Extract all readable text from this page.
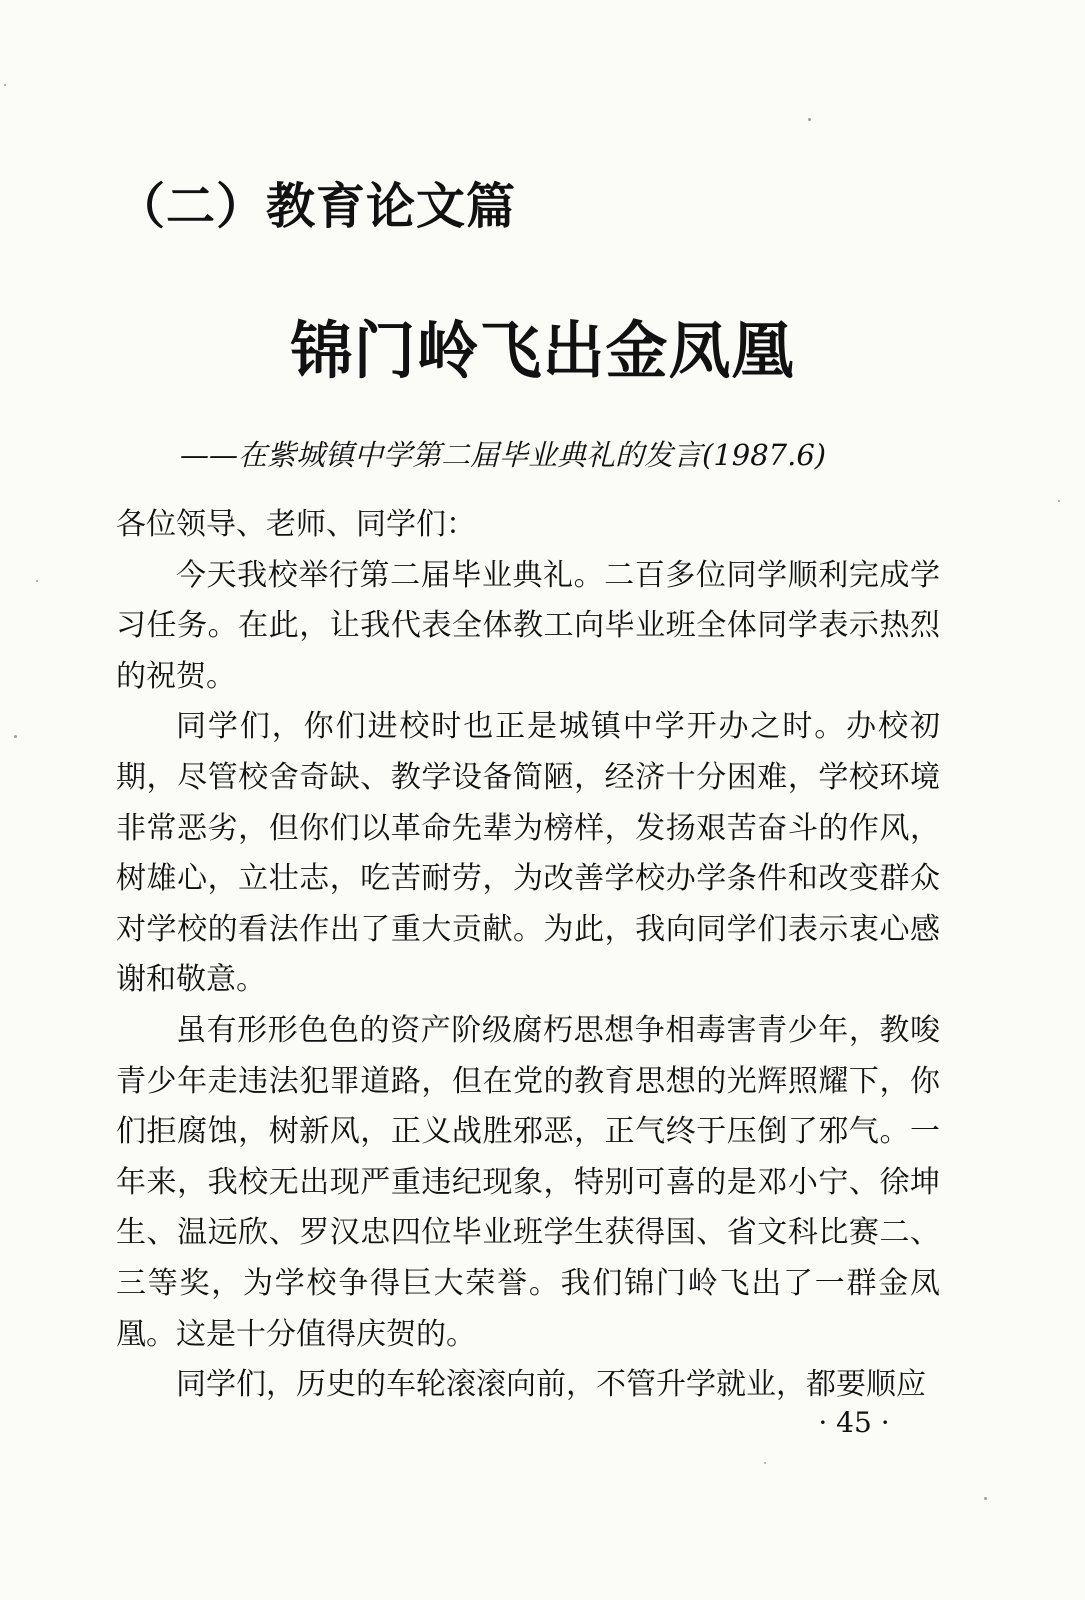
（二）教育论文篇
锦门岭飞出金凤凰
——在紫城镇中学第二届毕业典礼的发言(1987.6)

各位领导、老师、同学们：

今天我校举行第二届毕业典礼。二百多位同学顺利完成学习任务。在此，让我代表全体教工向毕业班全体同学表示热烈的祝贺。

同学们，你们进校时也正是城镇中学开办之时。办校初期，尽管校舍奇缺、教学设备简陋，经济十分困难，学校环境非常恶劣，但你们以革命先辈为榜样，发扬艰苦奋斗的作风，树雄心，立壮志，吃苦耐劳，为改善学校办学条件和改变群众对学校的看法作出了重大贡献。为此，我向同学们表示衷心感谢和敬意。

虽有形形色色的资产阶级腐朽思想争相毒害青少年，教唆青少年走违法犯罪道路，但在党的教育思想的光辉照耀下，你们拒腐蚀，树新风，正义战胜邪恶，正气终于压倒了邪气。一年来，我校无出现严重违纪现象，特别可喜的是邓小宁、徐坤生、温远欣、罗汉忠四位毕业班学生获得国、省文科比赛二、三等奖，为学校争得巨大荣誉。我们锦门岭飞出了一群金凤凰。这是十分值得庆贺的。

同学们，历史的车轮滚滚向前，不管升学就业，都要顺应

· 45 ·
